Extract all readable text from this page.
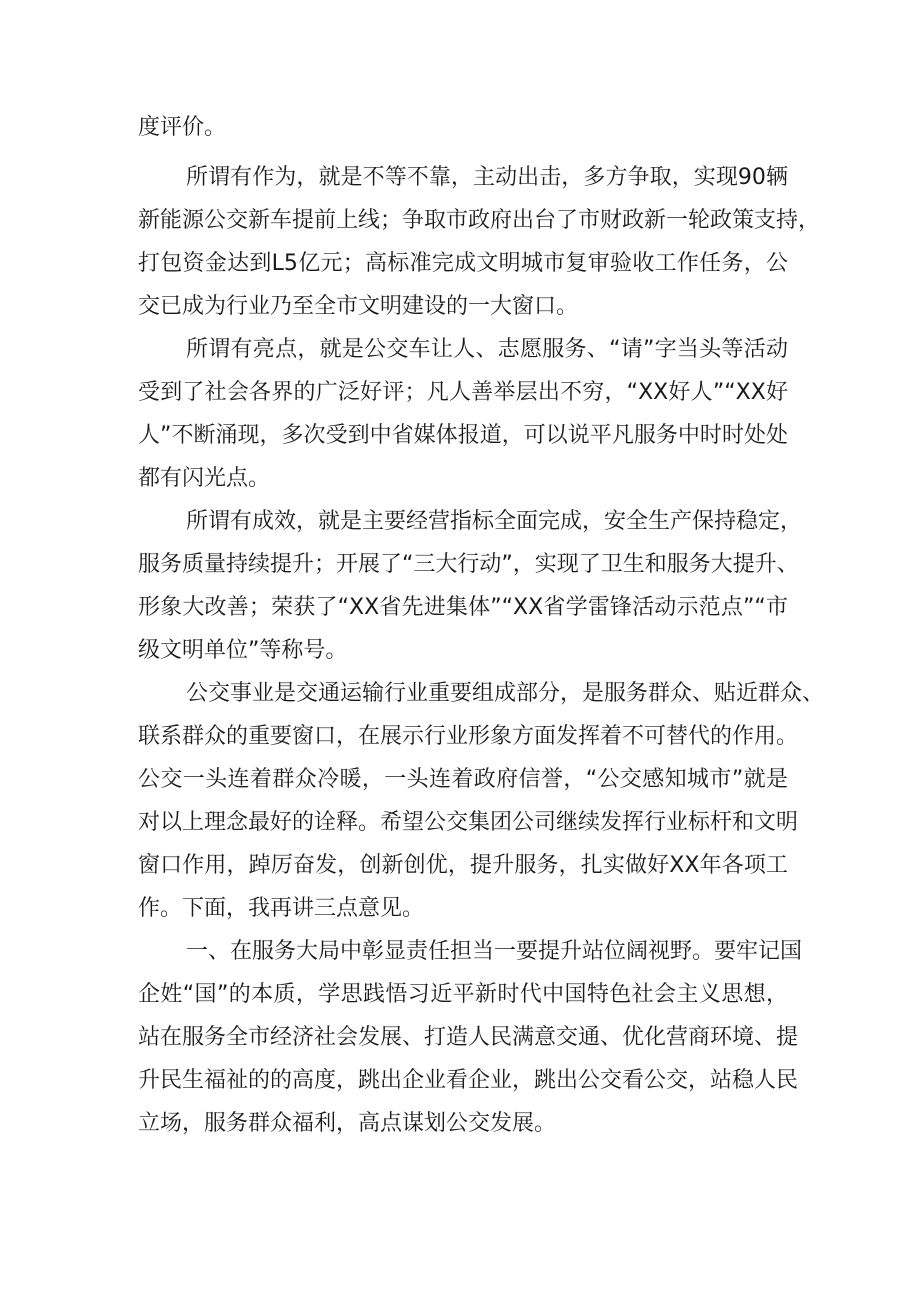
度评价。

所谓有作为，就是不等不靠，主动出击，多方争取，实现90辆

新能源公交新车提前上线；争取市政府出台了市财政新一轮政策支持，

打包资金达到L5亿元；高标准完成文明城市复审验收工作任务，公

交已成为行业乃至全市文明建设的一大窗口。

所谓有亮点，就是公交车让人、志愿服务、“请”字当头等活动

受到了社会各界的广泛好评；凡人善举层出不穷，“XX好人”“XX好

人”不断涌现，多次受到中省媒体报道，可以说平凡服务中时时处处

都有闪光点。

所谓有成效，就是主要经营指标全面完成，安全生产保持稳定，

服务质量持续提升；开展了“三大行动”，实现了卫生和服务大提升、

形象大改善；荣获了“XX省先进集体”“XX省学雷锋活动示范点”“市

级文明单位”等称号。

公交事业是交通运输行业重要组成部分，是服务群众、贴近群众、

联系群众的重要窗口，在展示行业形象方面发挥着不可替代的作用。

公交一头连着群众冷暖，一头连着政府信誉，“公交感知城市”就是

对以上理念最好的诠释。希望公交集团公司继续发挥行业标杆和文明

窗口作用，踔厉奋发，创新创优，提升服务，扎实做好XX年各项工

作。下面，我再讲三点意见。

一、在服务大局中彰显责任担当一要提升站位阔视野。要牢记国

企姓“国”的本质，学思践悟习近平新时代中国特色社会主义思想，

站在服务全市经济社会发展、打造人民满意交通、优化营商环境、提

升民生福祉的的高度，跳出企业看企业，跳出公交看公交，站稳人民

立场，服务群众福利，高点谋划公交发展。
